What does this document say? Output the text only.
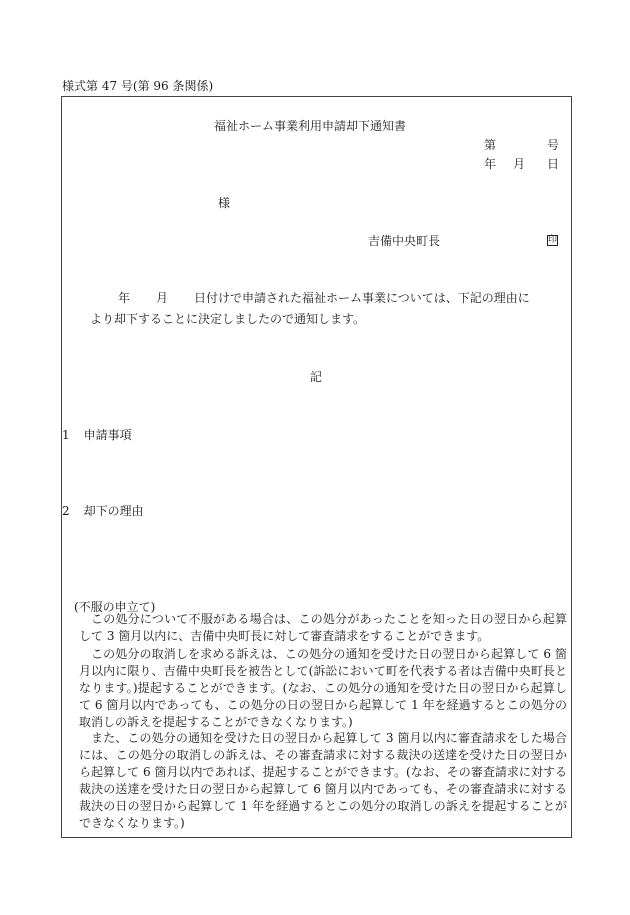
様式第 47 号(第 96 条関係)
福祉ホーム事業利用申請却下通知書
第	号
年 月 日
様
吉備中央町長	印
年 月 日付けで申請された福祉ホーム事業については、下記の理由に
より却下することに決定しましたので通知します。
記
1 申請事項
2 却下の理由
(不服の申立て)
この処分について不服がある場合は、この処分があったことを知った日の翌日から起算して 3 箇月以内に、吉備中央町長に対して審査請求をすることができます。
この処分の取消しを求める訴えは、この処分の通知を受けた日の翌日から起算して 6 箇月以内に限り、吉備中央町長を被告として(訴訟において町を代表する者は吉備中央町長となります。)提起することができます。(なお、この処分の通知を受けた日の翌日から起算して 6 箇月以内であっても、この処分の日の翌日から起算して 1 年を経過するとこの処分の取消しの訴えを提起することができなくなります。)
また、この処分の通知を受けた日の翌日から起算して 3 箇月以内に審査請求をした場合には、この処分の取消しの訴えは、その審査請求に対する裁決の送達を受けた日の翌日から起算して 6 箇月以内であれば、提起することができます。(なお、その審査請求に対する裁決の送達を受けた日の翌日から起算して 6 箇月以内であっても、その審査請求に対する裁決の日の翌日から起算して 1 年を経過するとこの処分の取消しの訴えを提起することができなくなります。)
